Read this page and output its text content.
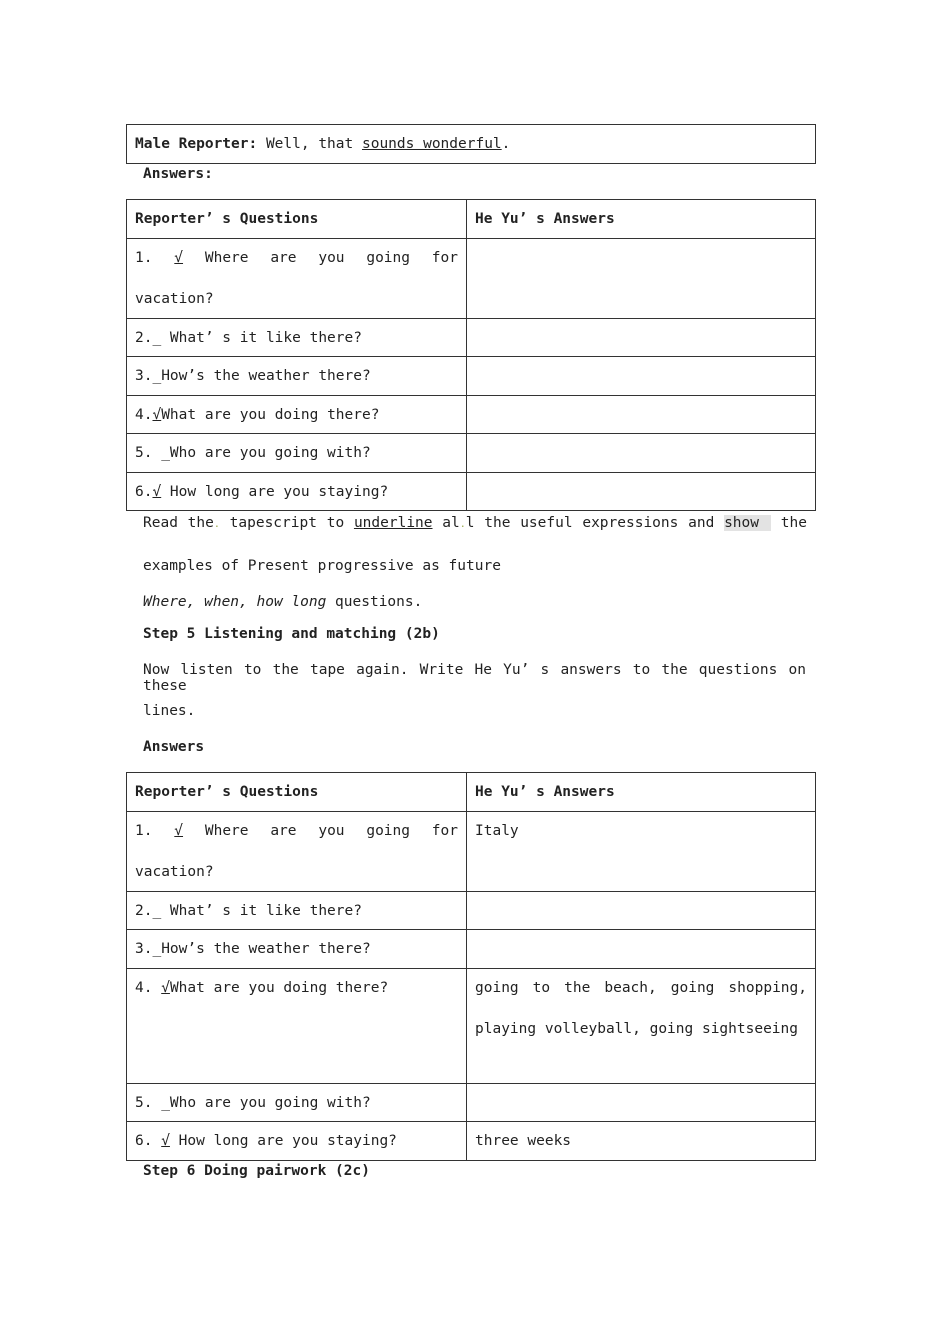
Male Reporter: Well, that sounds wonderful.
Answers:
Reporter’ s Questions	He Yu’ s Answers

1. √ Where are you going for
vacation?	

2._ What’ s it like there?	
3._How’s the weather there?	
4.√What are you doing there?	
5. _Who are you going with?	
6.√ How long are you staying?	
Read the. tapescript to underline al.l the useful expressions and show the
examples of Present progressive as future
Where, when, how long questions.
Step 5 Listening and matching (2b)
Now listen to the tape again. Write He Yu’ s answers to the questions on these
lines.
Answers
Reporter’ s Questions	He Yu’ s Answers

1. √ Where are you going for
vacation?	Italy
2._ What’ s it like there?	
3._How’s the weather there?	
4. √What are you doing there?	going to the beach, going shopping,
playing volleyball, going sightseeing

5. _Who are you going with?	
6. √ How long are you staying?	three weeks
Step 6 Doing pairwork (2c)
